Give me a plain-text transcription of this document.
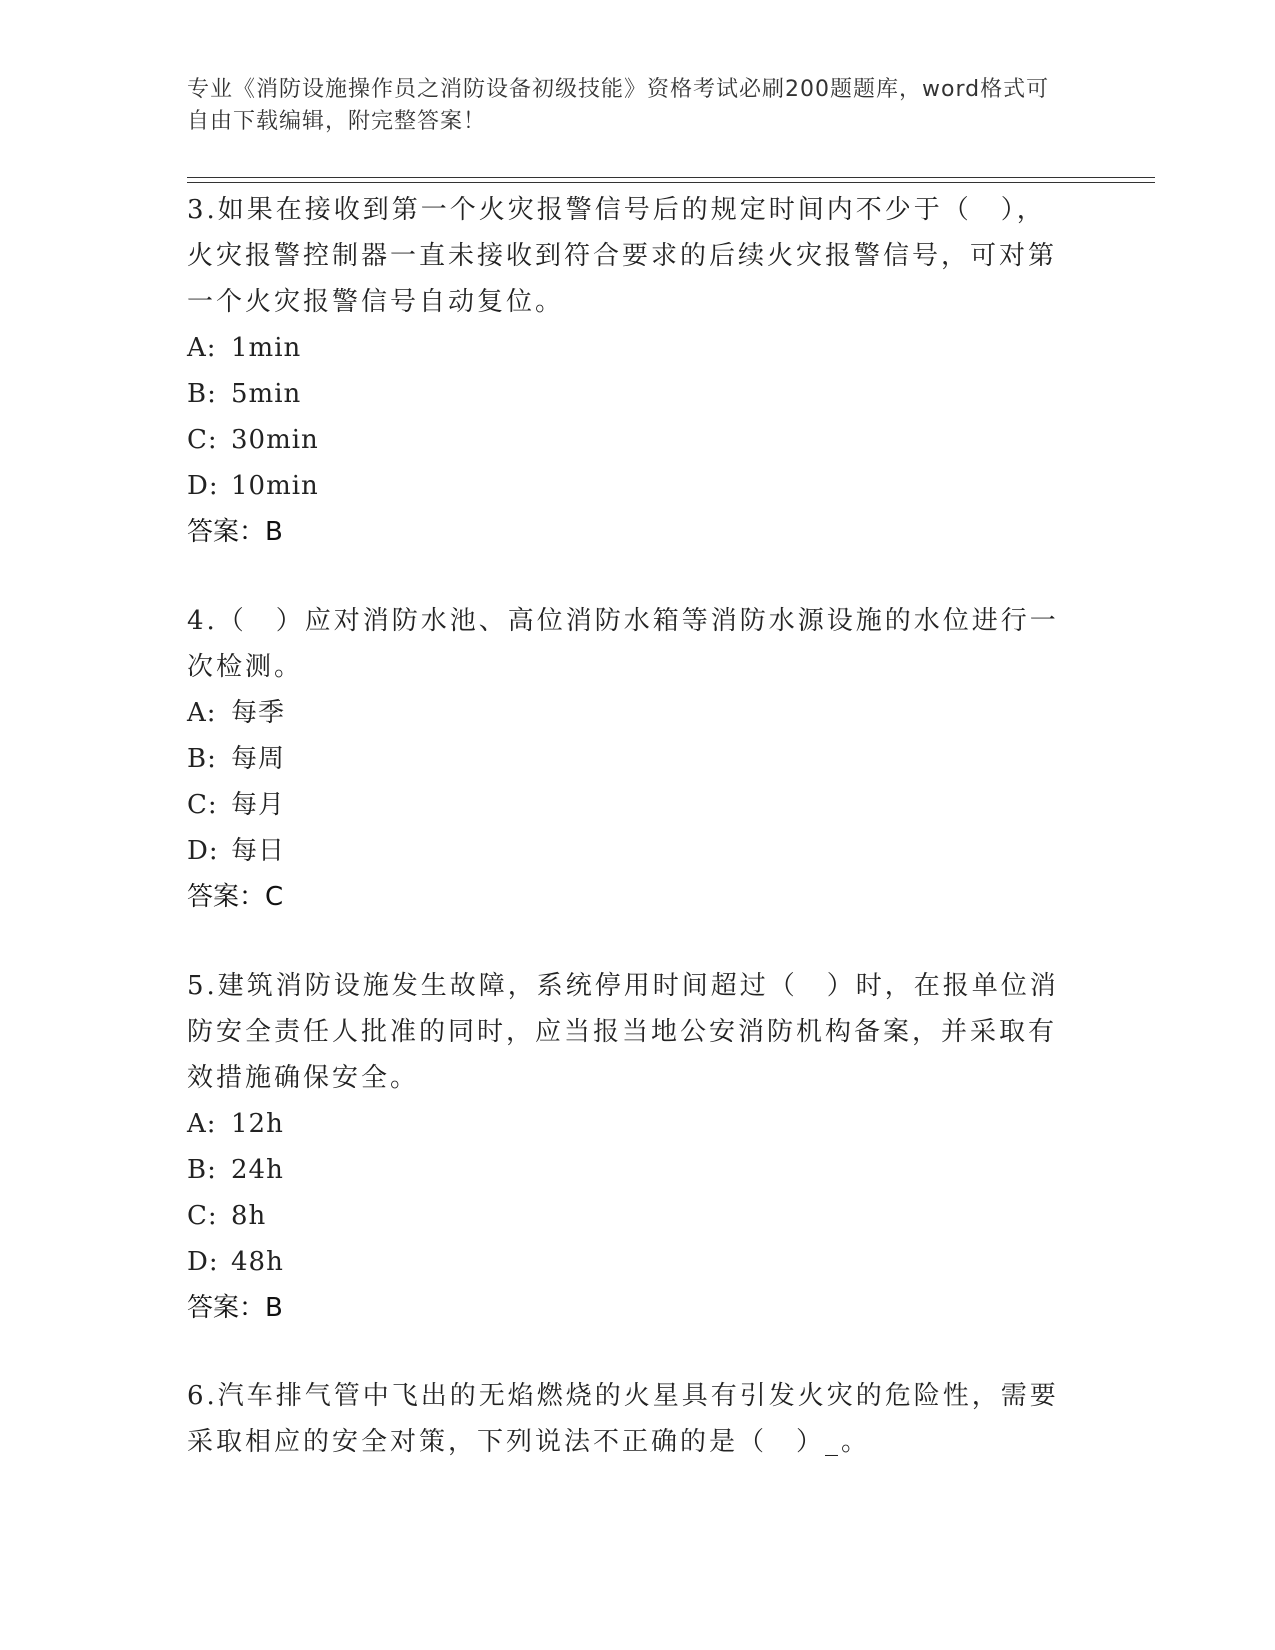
专业《消防设施操作员之消防设备初级技能》资格考试必刷200题题库，word格式可自由下载编辑，附完整答案！

3.如果在接收到第一个火灾报警信号后的规定时间内不少于（　），火灾报警控制器一直未接收到符合要求的后续火灾报警信号，可对第一个火灾报警信号自动复位。

A: 1min

B: 5min

C: 30min

D: 10min

答案：B

4.（　）应对消防水池、高位消防水箱等消防水源设施的水位进行一次检测。

A: 每季

B: 每周

C: 每月

D: 每日

答案：C

5.建筑消防设施发生故障，系统停用时间超过（　）时，在报单位消防安全责任人批准的同时，应当报当地公安消防机构备案，并采取有效措施确保安全。

A: 12h

B: 24h

C: 8h

D: 48h

答案：B

6.汽车排气管中飞出的无焰燃烧的火星具有引发火灾的危险性，需要采取相应的安全对策，下列说法不正确的是（　）_。
